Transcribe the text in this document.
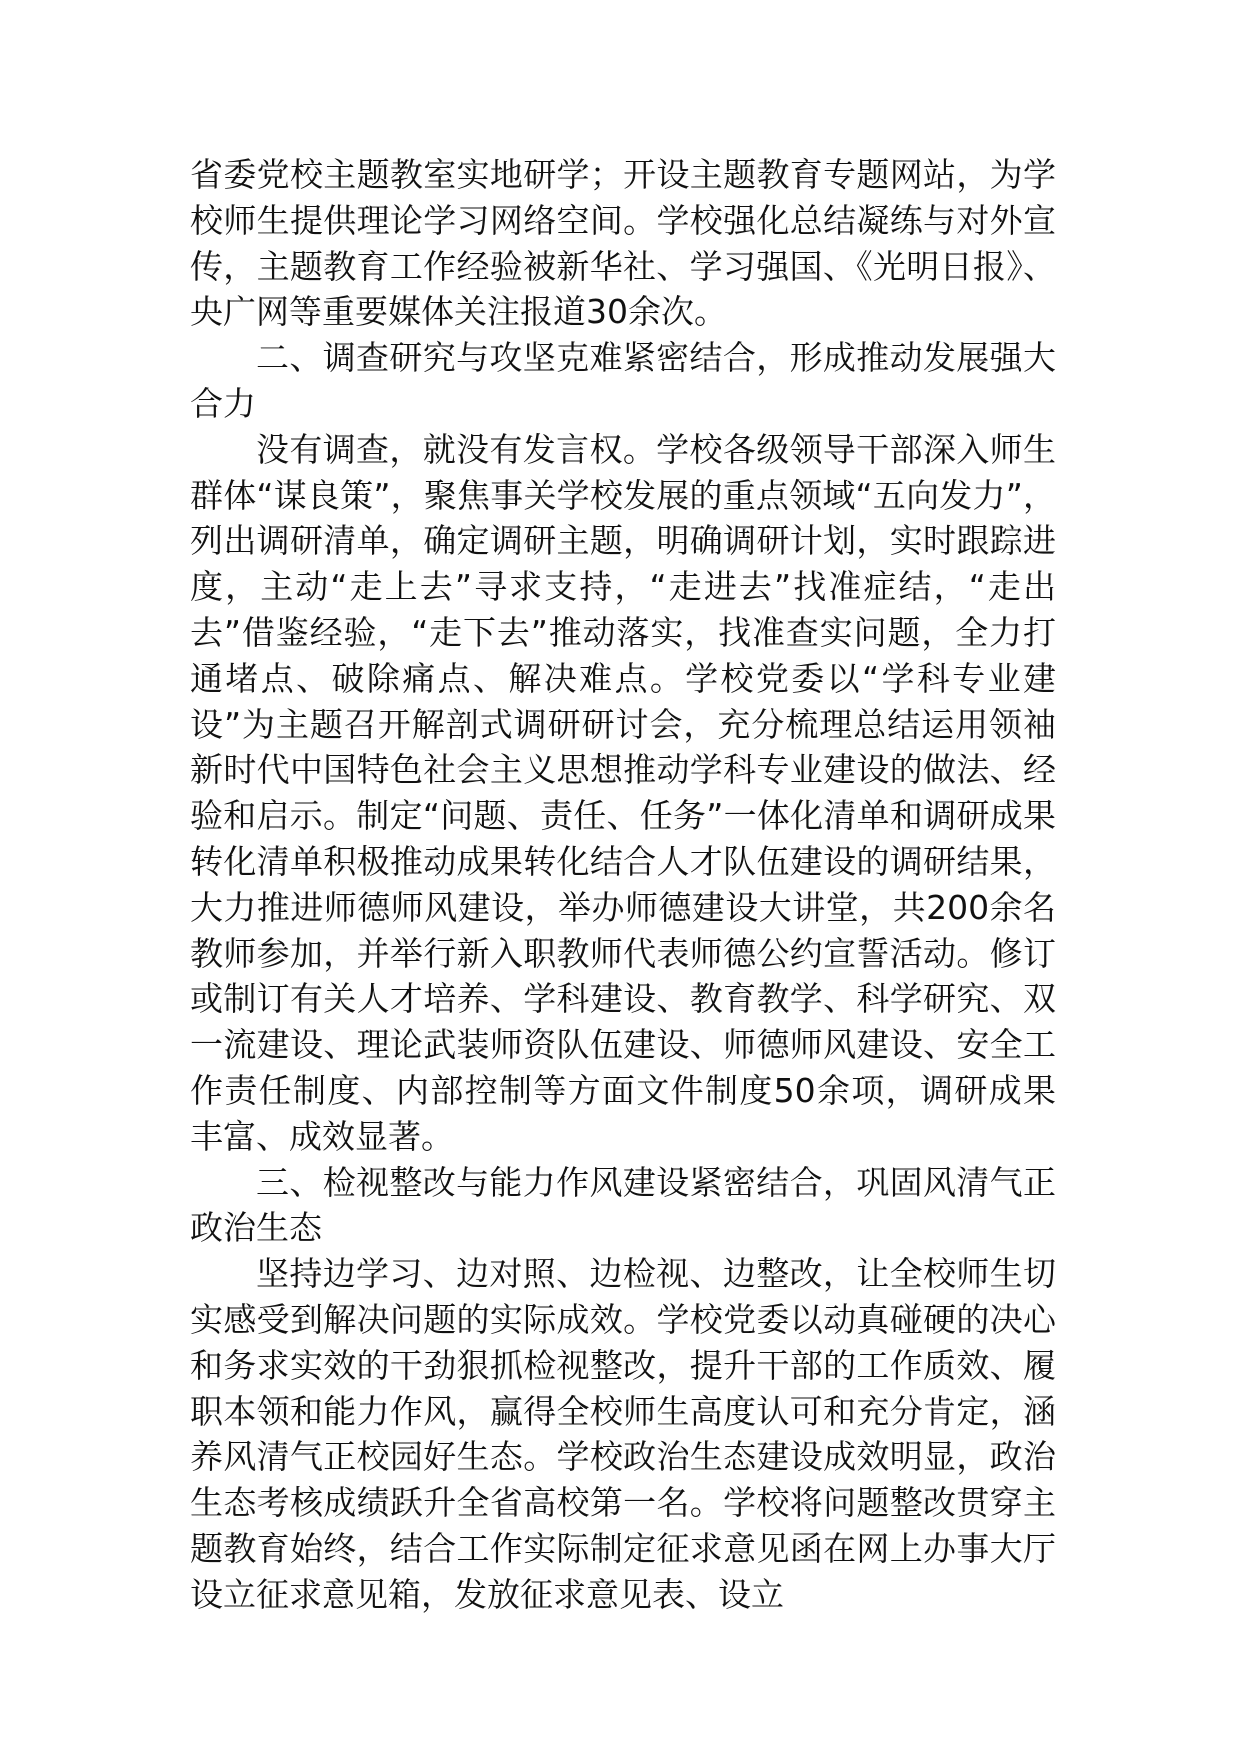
省委党校主题教室实地研学；开设主题教育专题网站，为学校师生提供理论学习网络空间。学校强化总结凝练与对外宣传，主题教育工作经验被新华社、学习强国、《光明日报》、央广网等重要媒体关注报道30余次。

二、调查研究与攻坚克难紧密结合，形成推动发展强大合力

没有调查，就没有发言权。学校各级领导干部深入师生群体“谋良策”，聚焦事关学校发展的重点领域“五向发力”，列出调研清单，确定调研主题，明确调研计划，实时跟踪进度，主动“走上去”寻求支持，“走进去”找准症结，“走出去”借鉴经验，“走下去”推动落实，找准查实问题，全力打通堵点、破除痛点、解决难点。学校党委以“学科专业建设”为主题召开解剖式调研研讨会，充分梳理总结运用领袖新时代中国特色社会主义思想推动学科专业建设的做法、经验和启示。制定“问题、责任、任务”一体化清单和调研成果转化清单积极推动成果转化结合人才队伍建设的调研结果，大力推进师德师风建设，举办师德建设大讲堂，共200余名教师参加，并举行新入职教师代表师德公约宣誓活动。修订或制订有关人才培养、学科建设、教育教学、科学研究、双一流建设、理论武装师资队伍建设、师德师风建设、安全工作责任制度、内部控制等方面文件制度50余项，调研成果丰富、成效显著。

三、检视整改与能力作风建设紧密结合，巩固风清气正政治生态

坚持边学习、边对照、边检视、边整改，让全校师生切实感受到解决问题的实际成效。学校党委以动真碰硬的决心和务求实效的干劲狠抓检视整改，提升干部的工作质效、履职本领和能力作风，赢得全校师生高度认可和充分肯定，涵养风清气正校园好生态。学校政治生态建设成效明显，政治生态考核成绩跃升全省高校第一名。学校将问题整改贯穿主题教育始终，结合工作实际制定征求意见函在网上办事大厅设立征求意见箱，发放征求意见表、设立
